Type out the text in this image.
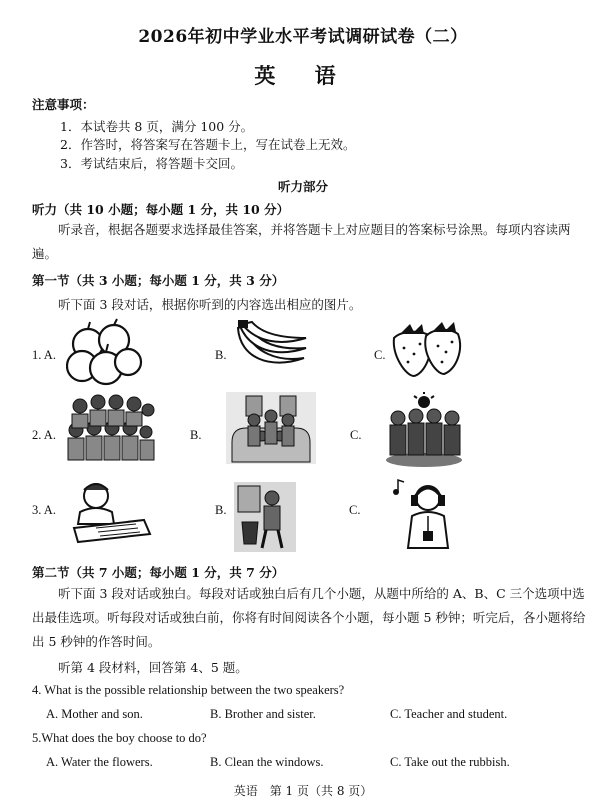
2026年初中学业水平考试调研试卷（二）
英 语
注意事项：
1．本试卷共 8 页，满分 100 分。
2．作答时，将答案写在答题卡上，写在试卷上无效。
3．考试结束后，将答题卡交回。
听力部分
听力（共 10 小题；每小题 1 分，共 10 分）
听录音，根据各题要求选择最佳答案，并将答题卡上对应题目的答案标号涂黑。每项内容读两遍。
第一节（共 3 小题；每小题 1 分，共 3 分）
听下面 3 段对话，根据你听到的内容选出相应的图片。
1. A.	B.	C.
2. A.	B.	C.
3. A.	B.	C.
第二节（共 7 小题；每小题 1 分，共 7 分）
听下面 3 段对话或独白。每段对话或独白后有几个小题，从题中所给的 A、B、C 三个选项中选出最佳选项。听每段对话或独白前，你将有时间阅读各个小题，每小题 5 秒钟；听完后，各小题将给出 5 秒钟的作答时间。
听第 4 段材料，回答第 4、5 题。
4. What is the possible relationship between the two speakers?
A. Mother and son.	B. Brother and sister.	C. Teacher and student.
5.What does the boy choose to do?
A. Water the flowers.	B. Clean the windows.	C. Take out the rubbish.
英语　第 1 页（共 8 页）
